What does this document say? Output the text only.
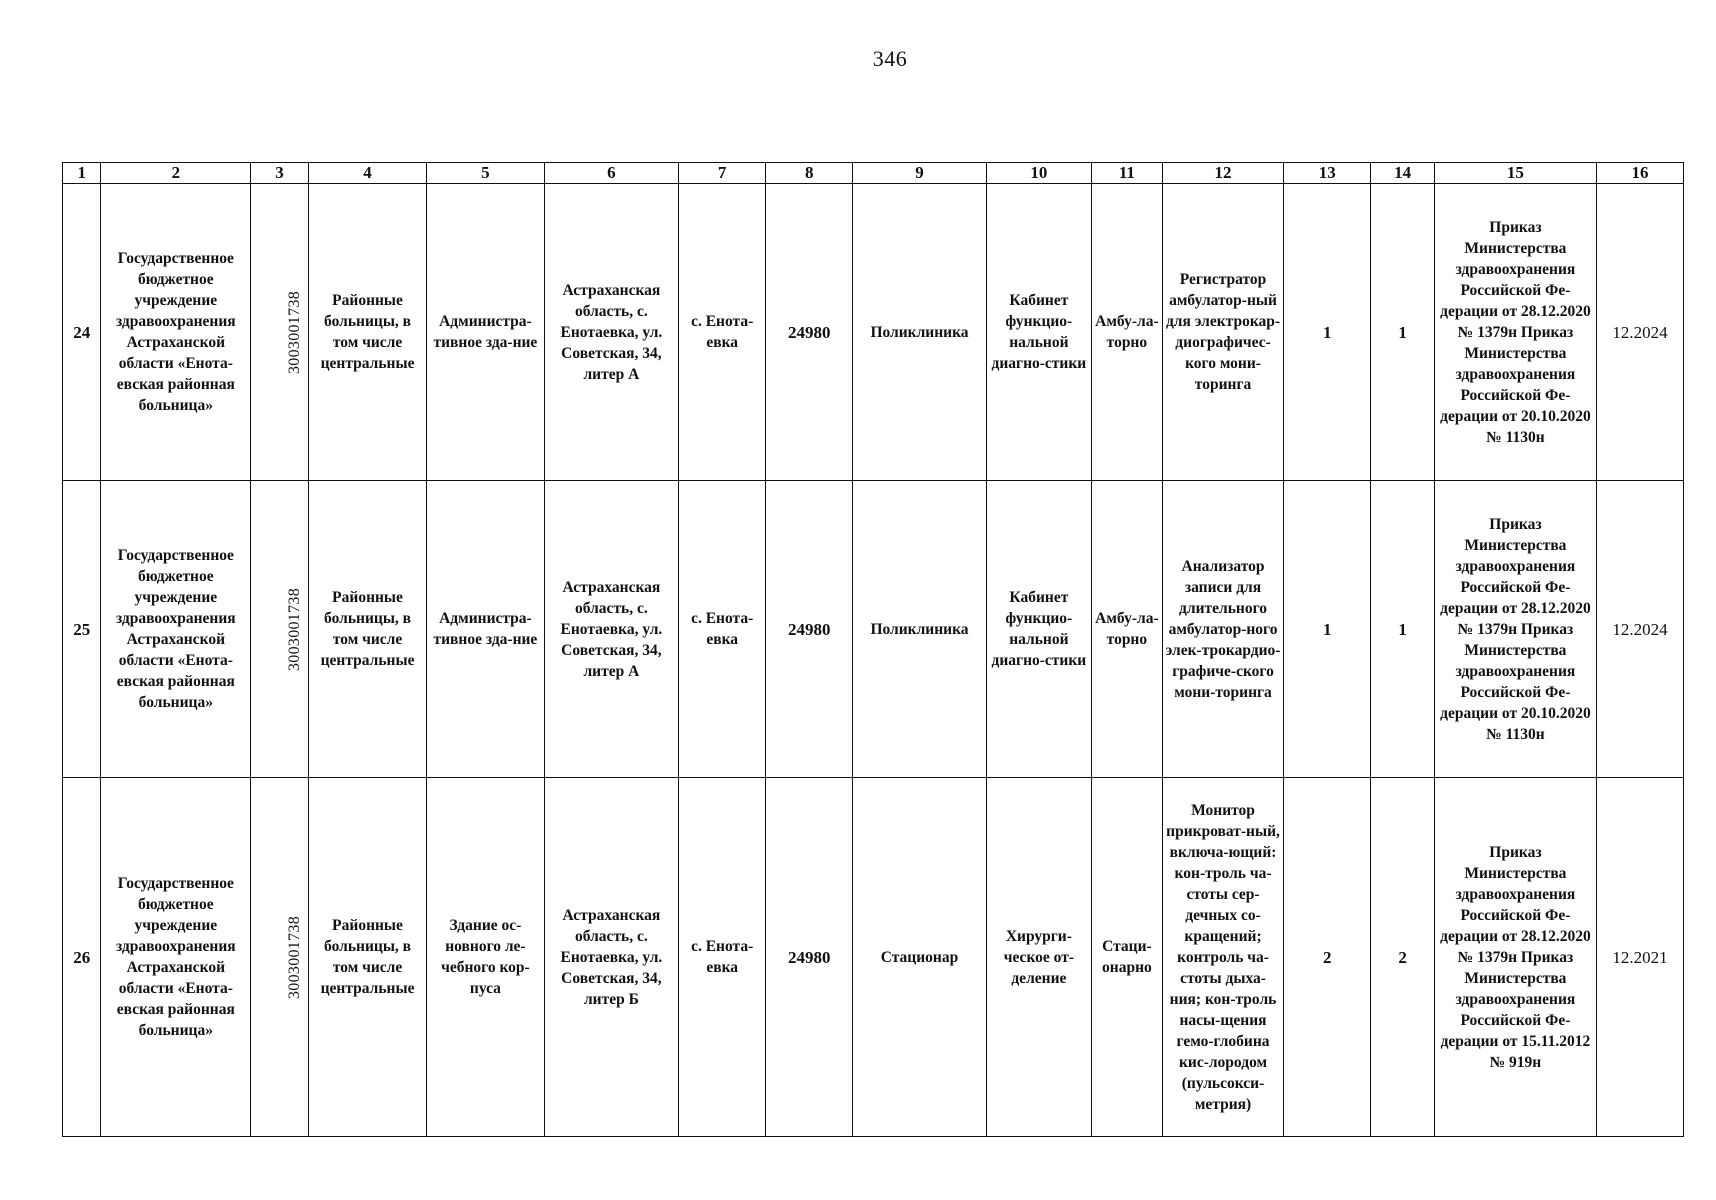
346
1	2	3	4	5	6	7	8	9	10	11	12	13	14	15	16
24	Государственное бюджетное учреждение здравоохранения Астраханской области «Енота-евская районная больница»	3003001738	Районные больницы, в том числе центральные	Администра-тивное зда-ние	Астраханская область, с. Енотаевка, ул. Советская, 34, литер А	с. Енота-евка	24980	Поликлиника	Кабинет функцио-нальной диагно-стики	Амбу-ла-торно	Регистратор амбулатор-ный для электрокар-диографичес-кого мони-торинга	1	1	Приказ Министерства здравоохранения Российской Фе-дерации от 28.12.2020 № 1379н Приказ Министерства здравоохранения Российской Фе-дерации от 20.10.2020 № 1130н	12.2024
25	Государственное бюджетное учреждение здравоохранения Астраханской области «Енота-евская районная больница»	3003001738	Районные больницы, в том числе центральные	Администра-тивное зда-ние	Астраханская область, с. Енотаевка, ул. Советская, 34, литер А	с. Енота-евка	24980	Поликлиника	Кабинет функцио-нальной диагно-стики	Амбу-ла-торно	Анализатор записи для длительного амбулатор-ного элек-трокардио-графиче-ского мони-торинга	1	1	Приказ Министерства здравоохранения Российской Фе-дерации от 28.12.2020 № 1379н Приказ Министерства здравоохранения Российской Фе-дерации от 20.10.2020 № 1130н	12.2024
26	Государственное бюджетное учреждение здравоохранения Астраханской области «Енота-евская районная больница»	3003001738	Районные больницы, в том числе центральные	Здание ос-новного ле-чебного кор-пуса	Астраханская область, с. Енотаевка, ул. Советская, 34, литер Б	с. Енота-евка	24980	Стационар	Хирурги-ческое от-деление	Стаци-онарно	Монитор прикроват-ный, включа-ющий: кон-троль ча-стоты сер-дечных со-кращений; контроль ча-стоты дыха-ния; кон-троль насы-щения гемо-глобина кис-лородом (пульсокси-метрия)	2	2	Приказ Министерства здравоохранения Российской Фе-дерации от 28.12.2020 № 1379н Приказ Министерства здравоохранения Российской Фе-дерации от 15.11.2012 № 919н	12.2021
